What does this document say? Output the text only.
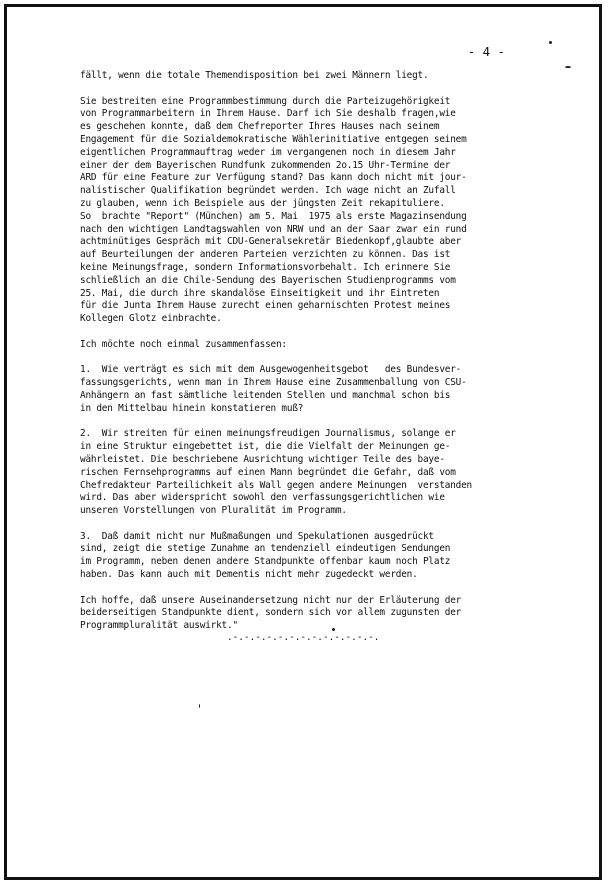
- 4 -

fällt, wenn die totale Themendisposition bei zwei Männern liegt.

Sie bestreiten eine Programmbestimmung durch die Parteizugehörigkeit
von Programmarbeitern in Ihrem Hause. Darf ich Sie deshalb fragen,wie
es geschehen konnte, daß dem Chefreporter Ihres Hauses nach seinem
Engagement für die Sozialdemokratische Wählerinitiative entgegen seinem
eigentlichen Programmauftrag weder im vergangenen noch in diesem Jahr
einer der dem Bayerischen Rundfunk zukommenden 2o.15 Uhr-Termine der
ARD für eine Feature zur Verfügung stand? Das kann doch nicht mit jour-
nalistischer Qualifikation begründet werden. Ich wage nicht an Zufall
zu glauben, wenn ich Beispiele aus der jüngsten Zeit rekapituliere.
So  brachte "Report" (München) am 5. Mai  1975 als erste Magazinsendung
nach den wichtigen Landtagswahlen von NRW und an der Saar zwar ein rund
achtminütiges Gespräch mit CDU-Generalsekretär Biedenkopf,glaubte aber
auf Beurteilungen der anderen Parteien verzichten zu können. Das ist
keine Meinungsfrage, sondern Informationsvorbehalt. Ich erinnere Sie
schließlich an die Chile-Sendung des Bayerischen Studienprogramms vom
25. Mai, die durch ihre skandalöse Einseitigkeit und ihr Eintreten
für die Junta Ihrem Hause zurecht einen geharnischten Protest meines
Kollegen Glotz einbrachte.

Ich möchte noch einmal zusammenfassen:

1.  Wie verträgt es sich mit dem Ausgewogenheitsgebot   des Bundesver-
fassungsgerichts, wenn man in Ihrem Hause eine Zusammenballung von CSU-
Anhängern an fast sämtliche leitenden Stellen und manchmal schon bis
in den Mittelbau hinein konstatieren muß?

2.  Wir streiten für einen meinungsfreudigen Journalismus, solange er
in eine Struktur eingebettet ist, die die Vielfalt der Meinungen ge-
währleistet. Die beschriebene Ausrichtung wichtiger Teile des baye-
rischen Fernsehprogramms auf einen Mann begründet die Gefahr, daß vom
Chefredakteur Parteilichkeit als Wall gegen andere Meinungen  verstanden
wird. Das aber widerspricht sowohl den verfassungsgerichtlichen wie
unseren Vorstellungen von Pluralität im Programm.

3.  Daß damit nicht nur Mußmaßungen und Spekulationen ausgedrückt
sind, zeigt die stetige Zunahme an tendenziell eindeutigen Sendungen
im Programm, neben denen andere Standpunkte offenbar kaum noch Platz
haben. Das kann auch mit Dementis nicht mehr zugedeckt werden.

Ich hoffe, daß unsere Auseinandersetzung nicht nur der Erläuterung der
beiderseitigen Standpunkte dient, sondern sich vor allem zugunsten der
Programmpluralität auswirkt."

.-.-.-.-.-.-.-.-.-.-.-.-.-.
